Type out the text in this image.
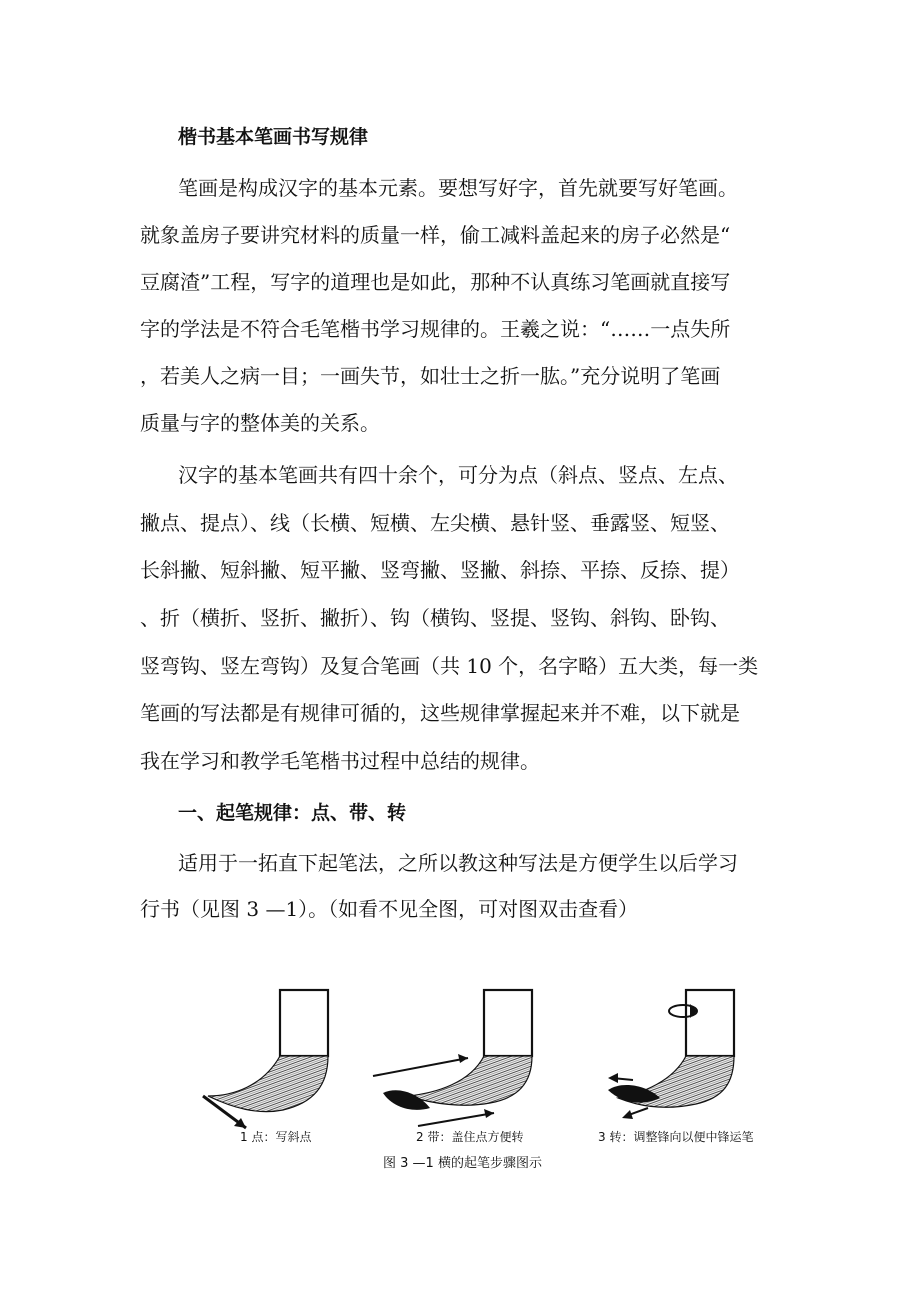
楷书基本笔画书写规律
笔画是构成汉字的基本元素。要想写好字，首先就要写好笔画。
就象盖房子要讲究材料的质量一样，偷工减料盖起来的房子必然是“
豆腐渣”工程，写字的道理也是如此，那种不认真练习笔画就直接写
字的学法是不符合毛笔楷书学习规律的。王羲之说：“……一点失所
，若美人之病一目；一画失节，如壮士之折一肱。”充分说明了笔画
质量与字的整体美的关系。
汉字的基本笔画共有四十余个，可分为点（斜点、竖点、左点、
撇点、提点）、线（长横、短横、左尖横、悬针竖、垂露竖、短竖、
长斜撇、短斜撇、短平撇、竖弯撇、竖撇、斜捺、平捺、反捺、提）
、折（横折、竖折、撇折）、钩（横钩、竖提、竖钩、斜钩、卧钩、
竖弯钩、竖左弯钩）及复合笔画（共 10 个，名字略）五大类，每一类
笔画的写法都是有规律可循的，这些规律掌握起来并不难，以下就是
我在学习和教学毛笔楷书过程中总结的规律。
一、起笔规律：点、带、转
适用于一拓直下起笔法，之所以教这种写法是方便学生以后学习
行书（见图 3 —1）。（如看不见全图，可对图双击查看）
1 点：写斜点	2 带：盖住点方便转	3 转：调整锋向以便中锋运笔
图 3 —1 横的起笔步骤图示
